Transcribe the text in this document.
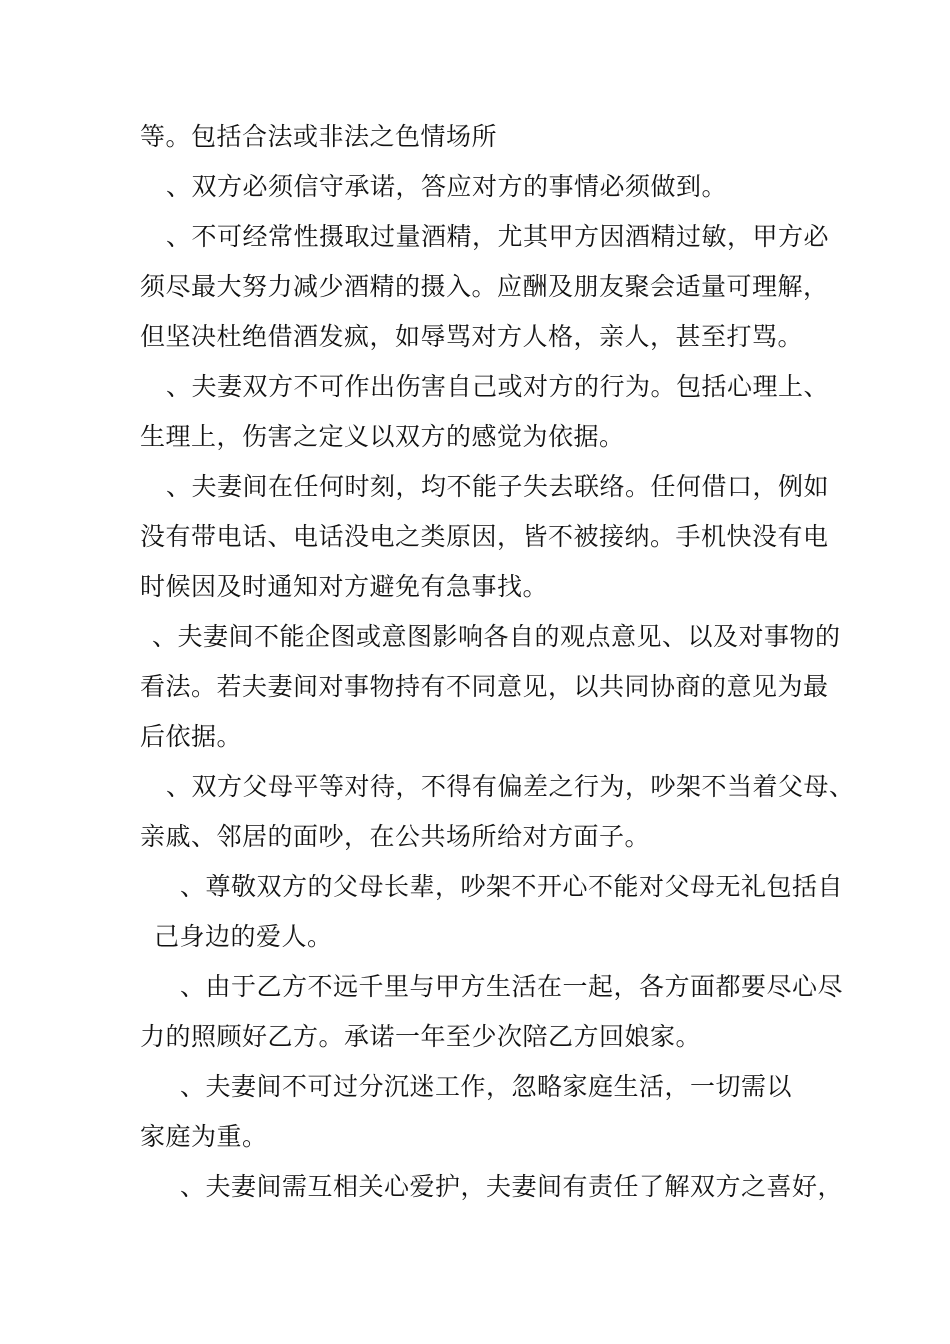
等。包括合法或非法之色情场所
、双方必须信守承诺，答应对方的事情必须做到。
、不可经常性摄取过量酒精，尤其甲方因酒精过敏，甲方必
须尽最大努力减少酒精的摄入。应酬及朋友聚会适量可理解，
但坚决杜绝借酒发疯，如辱骂对方人格，亲人，甚至打骂。
、夫妻双方不可作出伤害自己或对方的行为。包括心理上、
生理上，伤害之定义以双方的感觉为依据。
、夫妻间在任何时刻，均不能子失去联络。任何借口，例如
没有带电话、电话没电之类原因，皆不被接纳。手机快没有电
时候因及时通知对方避免有急事找。
、夫妻间不能企图或意图影响各自的观点意见、以及对事物的
看法。若夫妻间对事物持有不同意见，以共同协商的意见为最
后依据。
、双方父母平等对待，不得有偏差之行为，吵架不当着父母、
亲戚、邻居的面吵，在公共场所给对方面子。
、尊敬双方的父母长辈，吵架不开心不能对父母无礼包括自
己身边的爱人。
、由于乙方不远千里与甲方生活在一起，各方面都要尽心尽
力的照顾好乙方。承诺一年至少次陪乙方回娘家。
、夫妻间不可过分沉迷工作，忽略家庭生活，一切需以
家庭为重。
、夫妻间需互相关心爱护，夫妻间有责任了解双方之喜好，
